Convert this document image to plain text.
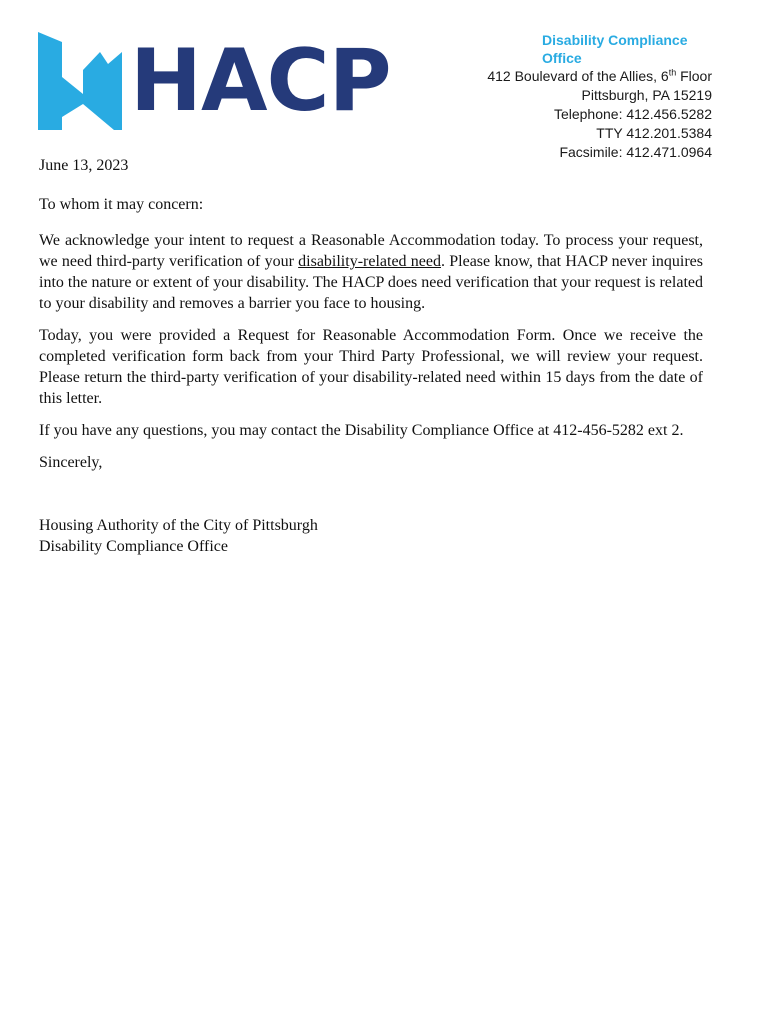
HACP	Disability Compliance Office
412 Boulevard of the Allies, 6th Floor
Pittsburgh, PA 15219
Telephone: 412.456.5282
TTY 412.201.5384
Facsimile: 412.471.0964

June 13, 2023

To whom it may concern:

We acknowledge your intent to request a Reasonable Accommodation today. To process your request, we need third-party verification of your disability-related need. Please know, that HACP never inquires into the nature or extent of your disability. The HACP does need verification that your request is related to your disability and removes a barrier you face to housing.

Today, you were provided a Request for Reasonable Accommodation Form. Once we receive the completed verification form back from your Third Party Professional, we will review your request. Please return the third-party verification of your disability-related need within 15 days from the date of this letter.

If you have any questions, you may contact the Disability Compliance Office at 412-456-5282 ext 2.

Sincerely,

Housing Authority of the City of Pittsburgh

Disability Compliance Office
